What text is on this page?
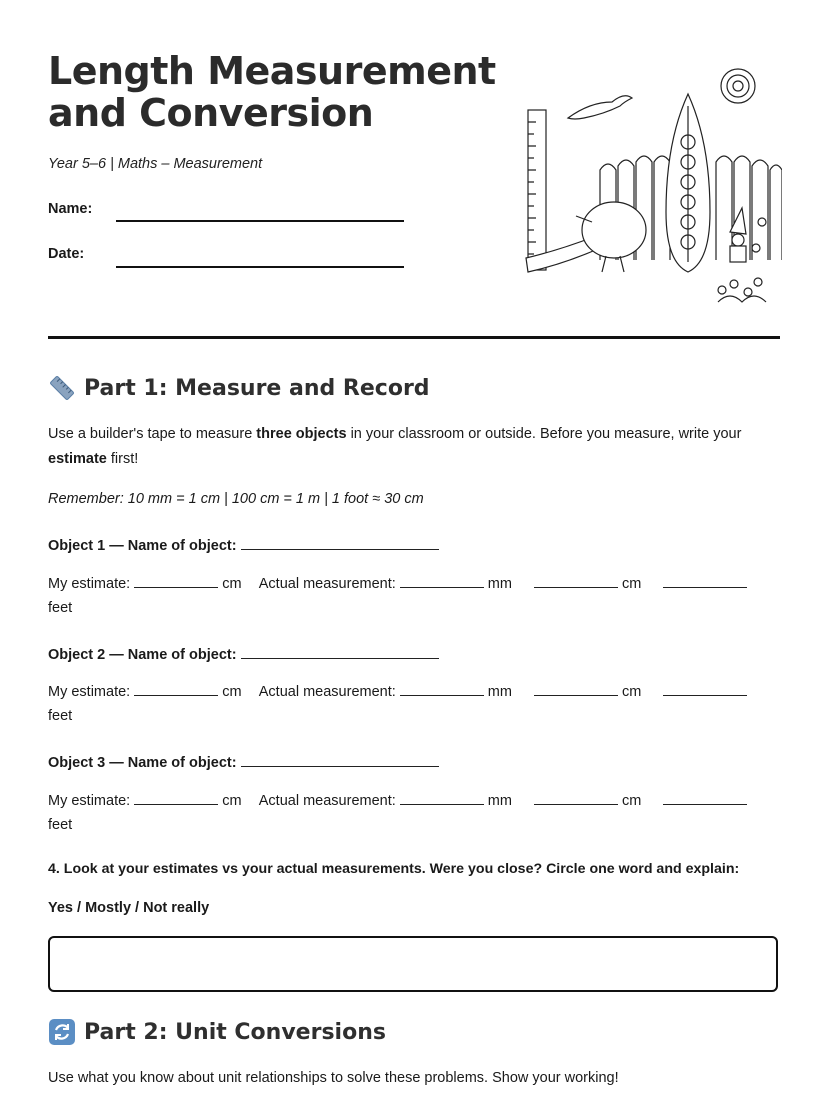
Length Measurement
and Conversion
Year 5–6 | Maths – Measurement
Name:
Date:
Part 1: Measure and Record

Use a builder's tape to measure three objects in your classroom or outside. Before you measure, write your estimate first!

Remember: 10 mm = 1 cm | 100 cm = 1 m | 1 foot ≈ 30 cm

Object 1 — Name of object:
My estimate:	cm Actual measurement:	mm	cm
feet
Object 2 — Name of object:
My estimate:	cm Actual measurement:	mm	cm
feet
Object 3 — Name of object:
My estimate:	cm Actual measurement:	mm	cm
feet
4. Look at your estimates vs your actual measurements. Were you close? Circle one word and explain:
Yes / Mostly / Not really
Part 2: Unit Conversions

Use what you know about unit relationships to solve these problems. Show your working!
